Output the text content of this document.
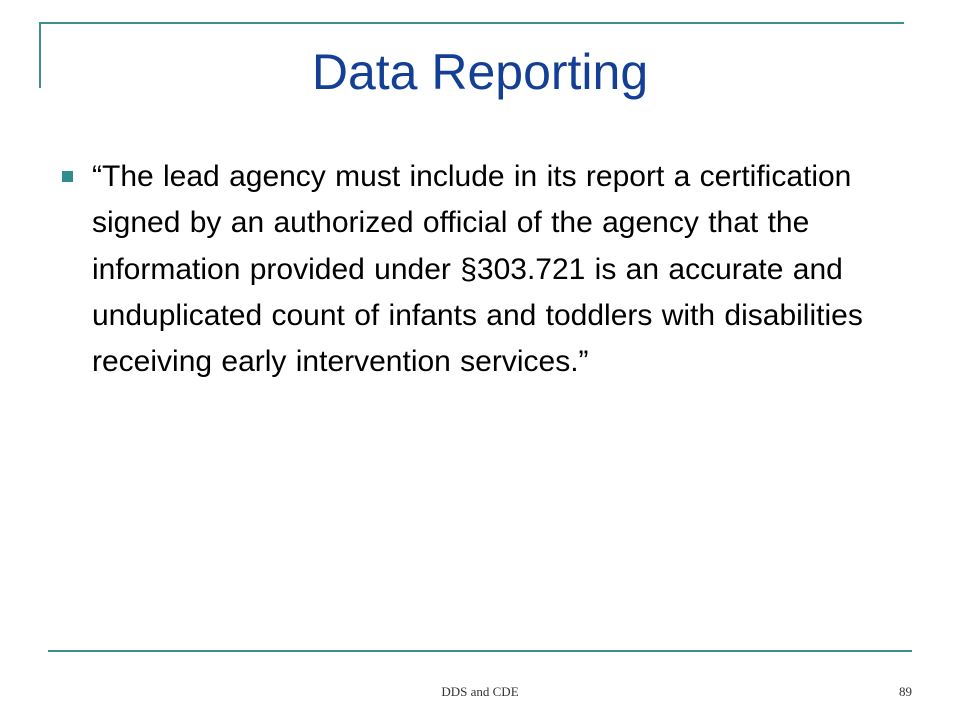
Data Reporting

“The lead agency must include in its report a certification signed by an authorized official of the agency that the information provided under §303.721 is an accurate and unduplicated count of infants and toddlers with disabilities receiving early intervention services.”

DDS and CDE	89
